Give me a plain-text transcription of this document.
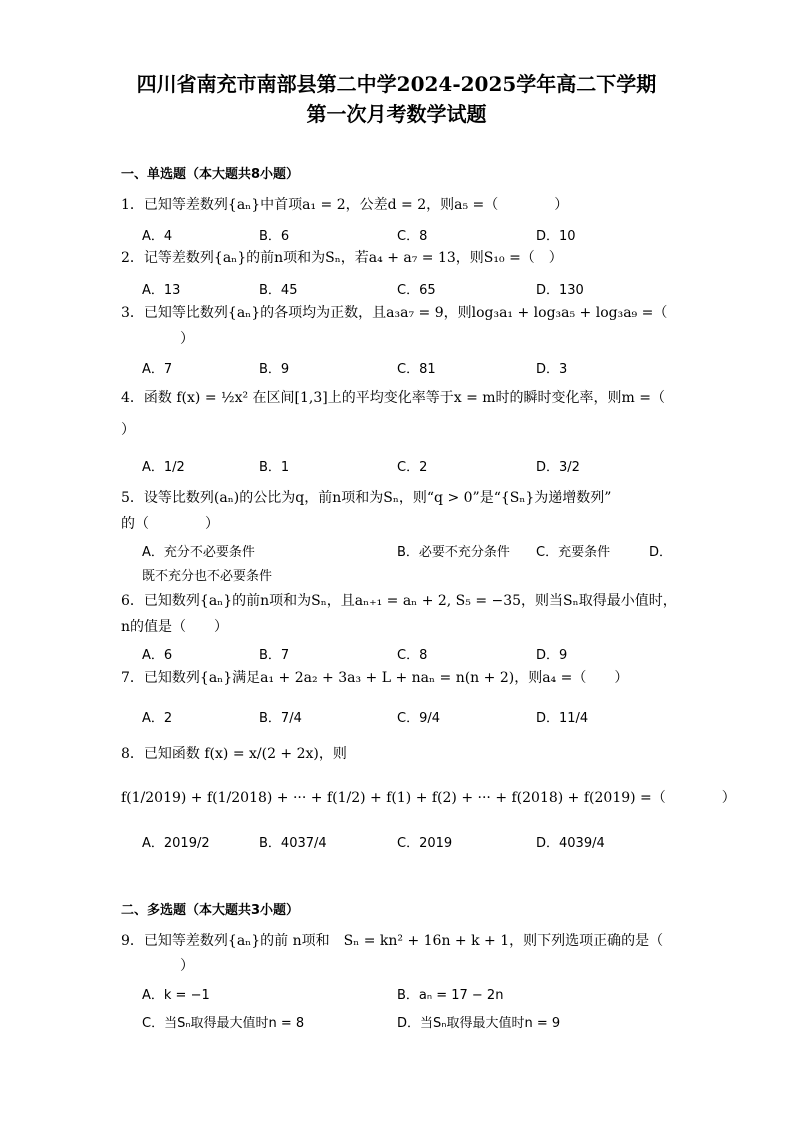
四川省南充市南部县第二中学2024-2025学年高二下学期
第一次月考数学试题
一、单选题（本大题共8小题）
1．已知等差数列{aₙ}中首项a₁ = 2，公差d = 2，则a₅ =（　　　　）
A．4	B．6	C．8	D．10
2．记等差数列{aₙ}的前n项和为Sₙ，若a₄ + a₇ = 13，则S₁₀ =（　）
A．13	B．45	C．65	D．130
3．已知等比数列{aₙ}的各项均为正数，且a₃a₇ = 9，则log₃a₁ + log₃a₅ + log₃a₉ =（
）
A．7	B．9	C．81	D．3
4．函数 f(x) = ½x² 在区间[1,3]上的平均变化率等于x = m时的瞬时变化率，则m =（
）
A．1/2	B．1	C．2	D．3/2
5．设等比数列(aₙ)的公比为q，前n项和为Sₙ，则“q > 0”是“{Sₙ}为递增数列”
的（　　　　）
A．充分不必要条件	B．必要不充分条件 C．充要条件	D．
既不充分也不必要条件
6．已知数列{aₙ}的前n项和为Sₙ，且aₙ₊₁ = aₙ + 2, S₅ = −35，则当Sₙ取得最小值时，
n的值是（　　）
A．6	B．7	C．8	D．9
7．已知数列{aₙ}满足a₁ + 2a₂ + 3a₃ + L + naₙ = n(n + 2)，则a₄ =（　　）
A．2	B．7/4	C．9/4	D．11/4
8．已知函数 f(x) = x/(2 + 2x)，则
f(1/2019) + f(1/2018) + ··· + f(1/2) + f(1) + f(2) + ··· + f(2018) + f(2019) =（　　　　）
A．2019/2	B．4037/4	C．2019	D．4039/4
二、多选题（本大题共3小题）
9．已知等差数列{aₙ}的前 n项和　Sₙ = kn² + 16n + k + 1，则下列选项正确的是（
）
A．k = −1	B．aₙ = 17 − 2n
C．当Sₙ取得最大值时n = 8	D．当Sₙ取得最大值时n = 9
